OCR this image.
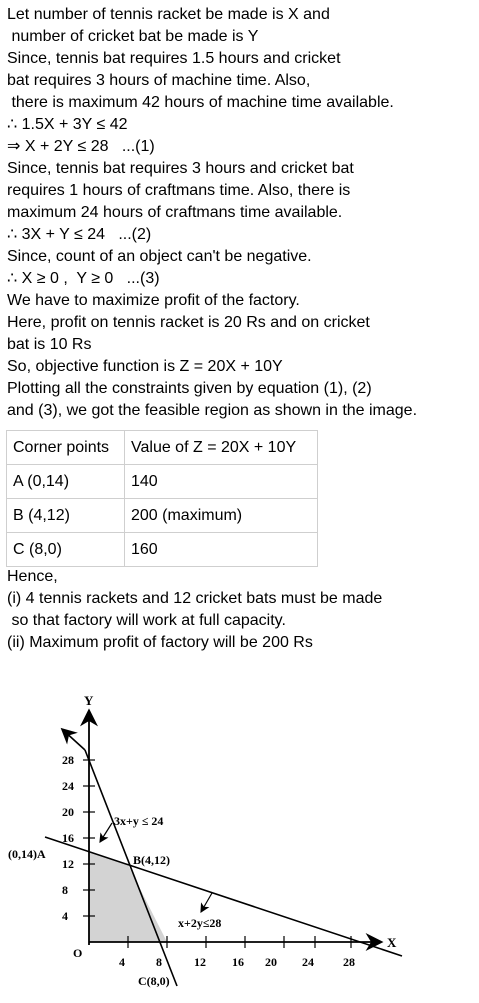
Let number of tennis racket be made is X and
number of cricket bat be made is Y
Since, tennis bat requires 1.5 hours and cricket
bat requires 3 hours of machine time. Also,
there is maximum 42 hours of machine time available.
∴ 1.5X + 3Y ≤ 42
⇒ X + 2Y ≤ 28   ...(1)
Since, tennis bat requires 3 hours and cricket bat
requires 1 hours of craftmans time. Also, there is
maximum 24 hours of craftmans time available.
∴ 3X + Y ≤ 24   ...(2)
Since, count of an object can't be negative.
∴ X ≥ 0 ,  Y ≥ 0   ...(3)
We have to maximize profit of the factory.
Here, profit on tennis racket is 20 Rs and on cricket
bat is 10 Rs
So, objective function is Z = 20X + 10Y
Plotting all the constraints given by equation (1), (2)
and (3), we got the feasible region as shown in the image.
Corner points	Value of Z = 20X + 10Y
A (0,14)	140
B (4,12)	200 (maximum)
C (8,0)	160
Hence,
(i) 4 tennis rackets and 12 cricket bats must be made
so that factory will work at full capacity.
(ii) Maximum profit of factory will be 200 Rs
Y
X
O
4	8	12 16 20 24 28
4
8
12
16
20
24
28
3x+y ≤ 24
x+2y≤28
(0,14)A	B(4,12)
C(8,0)
